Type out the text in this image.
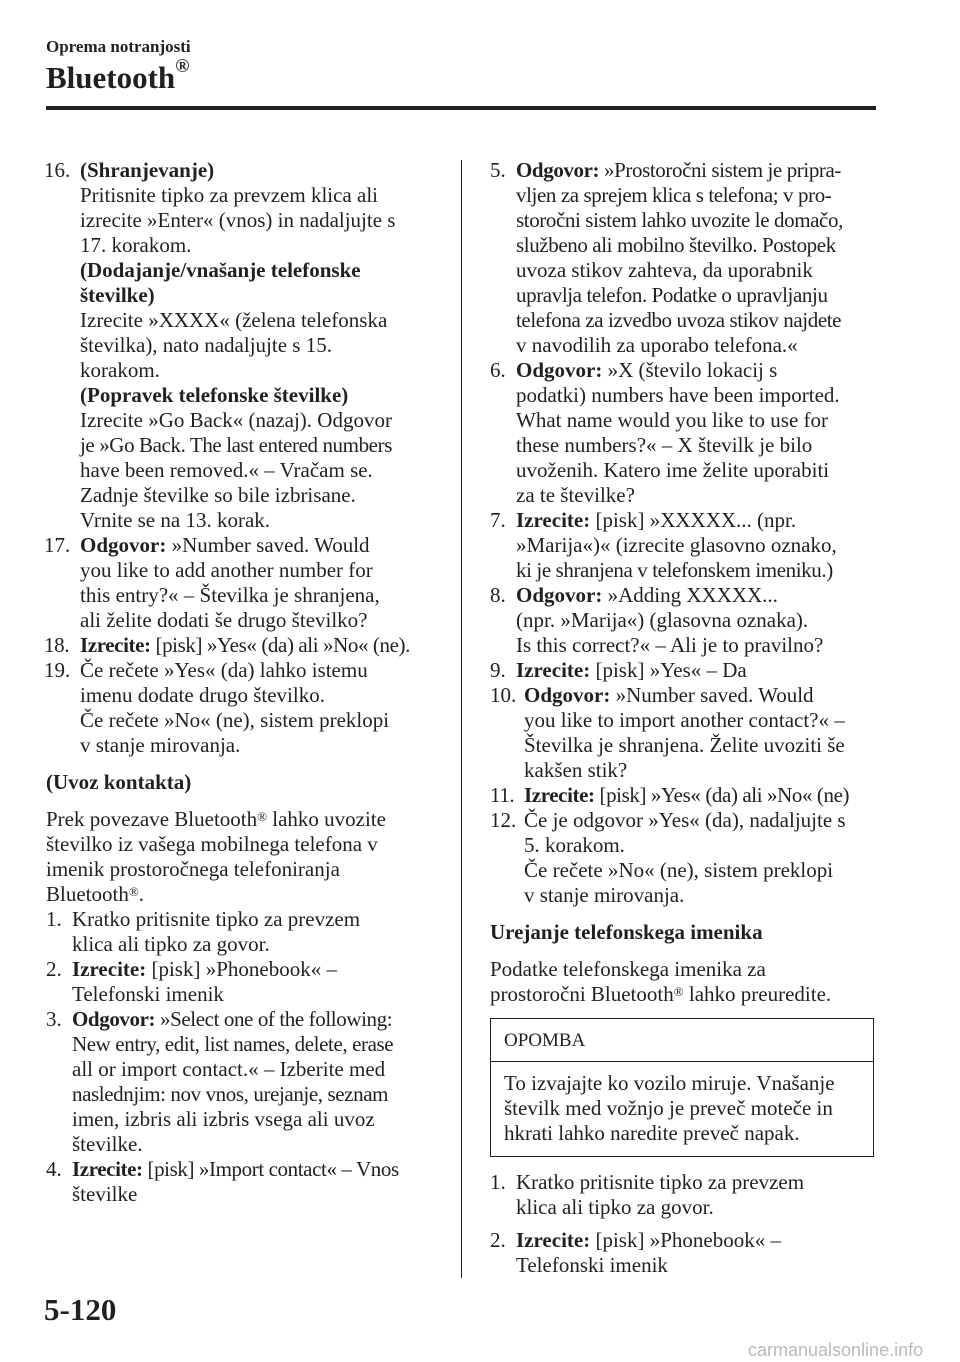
Oprema notranjosti
Bluetooth®
16. (Shranjevanje)
Pritisnite tipko za prevzem klica ali
izrecite »Enter« (vnos) in nadaljujte s
17. korakom.
(Dodajanje/vnašanje telefonske
številke)
Izrecite »XXXX« (želena telefonska
številka), nato nadaljujte s 15.
korakom.
(Popravek telefonske številke)
Izrecite »Go Back« (nazaj). Odgovor
je »Go Back. The last entered numbers
have been removed.« – Vračam se.
Zadnje številke so bile izbrisane.
Vrnite se na 13. korak.
17. Odgovor: »Number saved. Would
you like to add another number for
this entry?« – Številka je shranjena,
ali želite dodati še drugo številko?
18. Izrecite: [pisk] »Yes« (da) ali »No« (ne).
19. Če rečete »Yes« (da) lahko istemu
imenu dodate drugo številko.
Če rečete »No« (ne), sistem preklopi
v stanje mirovanja.
(Uvoz kontakta)
Prek povezave Bluetooth® lahko uvozite
številko iz vašega mobilnega telefona v
imenik prostoročnega telefoniranja
Bluetooth®.
1. Kratko pritisnite tipko za prevzem
klica ali tipko za govor.
2. Izrecite: [pisk] »Phonebook« –
Telefonski imenik
3. Odgovor: »Select one of the following:
New entry, edit, list names, delete, erase
all or import contact.« – Izberite med
naslednjim: nov vnos, urejanje, seznam
imen, izbris ali izbris vsega ali uvoz
številke.
4. Izrecite: [pisk] »Import contact« – Vnos
številke
5. Odgovor: »Prostoročni sistem je pripra-
vljen za sprejem klica s telefona; v pro-
storočni sistem lahko uvozite le domačo,
službeno ali mobilno številko. Postopek
uvoza stikov zahteva, da uporabnik
upravlja telefon. Podatke o upravljanju
telefona za izvedbo uvoza stikov najdete
v navodilih za uporabo telefona.«
6. Odgovor: »X (število lokacij s
podatki) numbers have been imported.
What name would you like to use for
these numbers?« – X številk je bilo
uvoženih. Katero ime želite uporabiti
za te številke?
7. Izrecite: [pisk] »XXXXX... (npr.
»Marija«)« (izrecite glasovno oznako,
ki je shranjena v telefonskem imeniku.)
8. Odgovor: »Adding XXXXX...
(npr. »Marija«) (glasovna oznaka).
Is this correct?« – Ali je to pravilno?
9. Izrecite: [pisk] »Yes« – Da
10. Odgovor: »Number saved. Would
you like to import another contact?« –
Številka je shranjena. Želite uvoziti še
kakšen stik?
11. Izrecite: [pisk] »Yes« (da) ali »No« (ne)
12. Če je odgovor »Yes« (da), nadaljujte s
5. korakom.
Če rečete »No« (ne), sistem preklopi
v stanje mirovanja.
Urejanje telefonskega imenika
Podatke telefonskega imenika za
prostoročni Bluetooth® lahko preuredite.
OPOMBA
To izvajajte ko vozilo miruje. Vnašanje
številk med vožnjo je preveč moteče in
hkrati lahko naredite preveč napak.
1. Kratko pritisnite tipko za prevzem
klica ali tipko za govor.
2. Izrecite: [pisk] »Phonebook« –
Telefonski imenik
5-120
carmanualsonline.info
